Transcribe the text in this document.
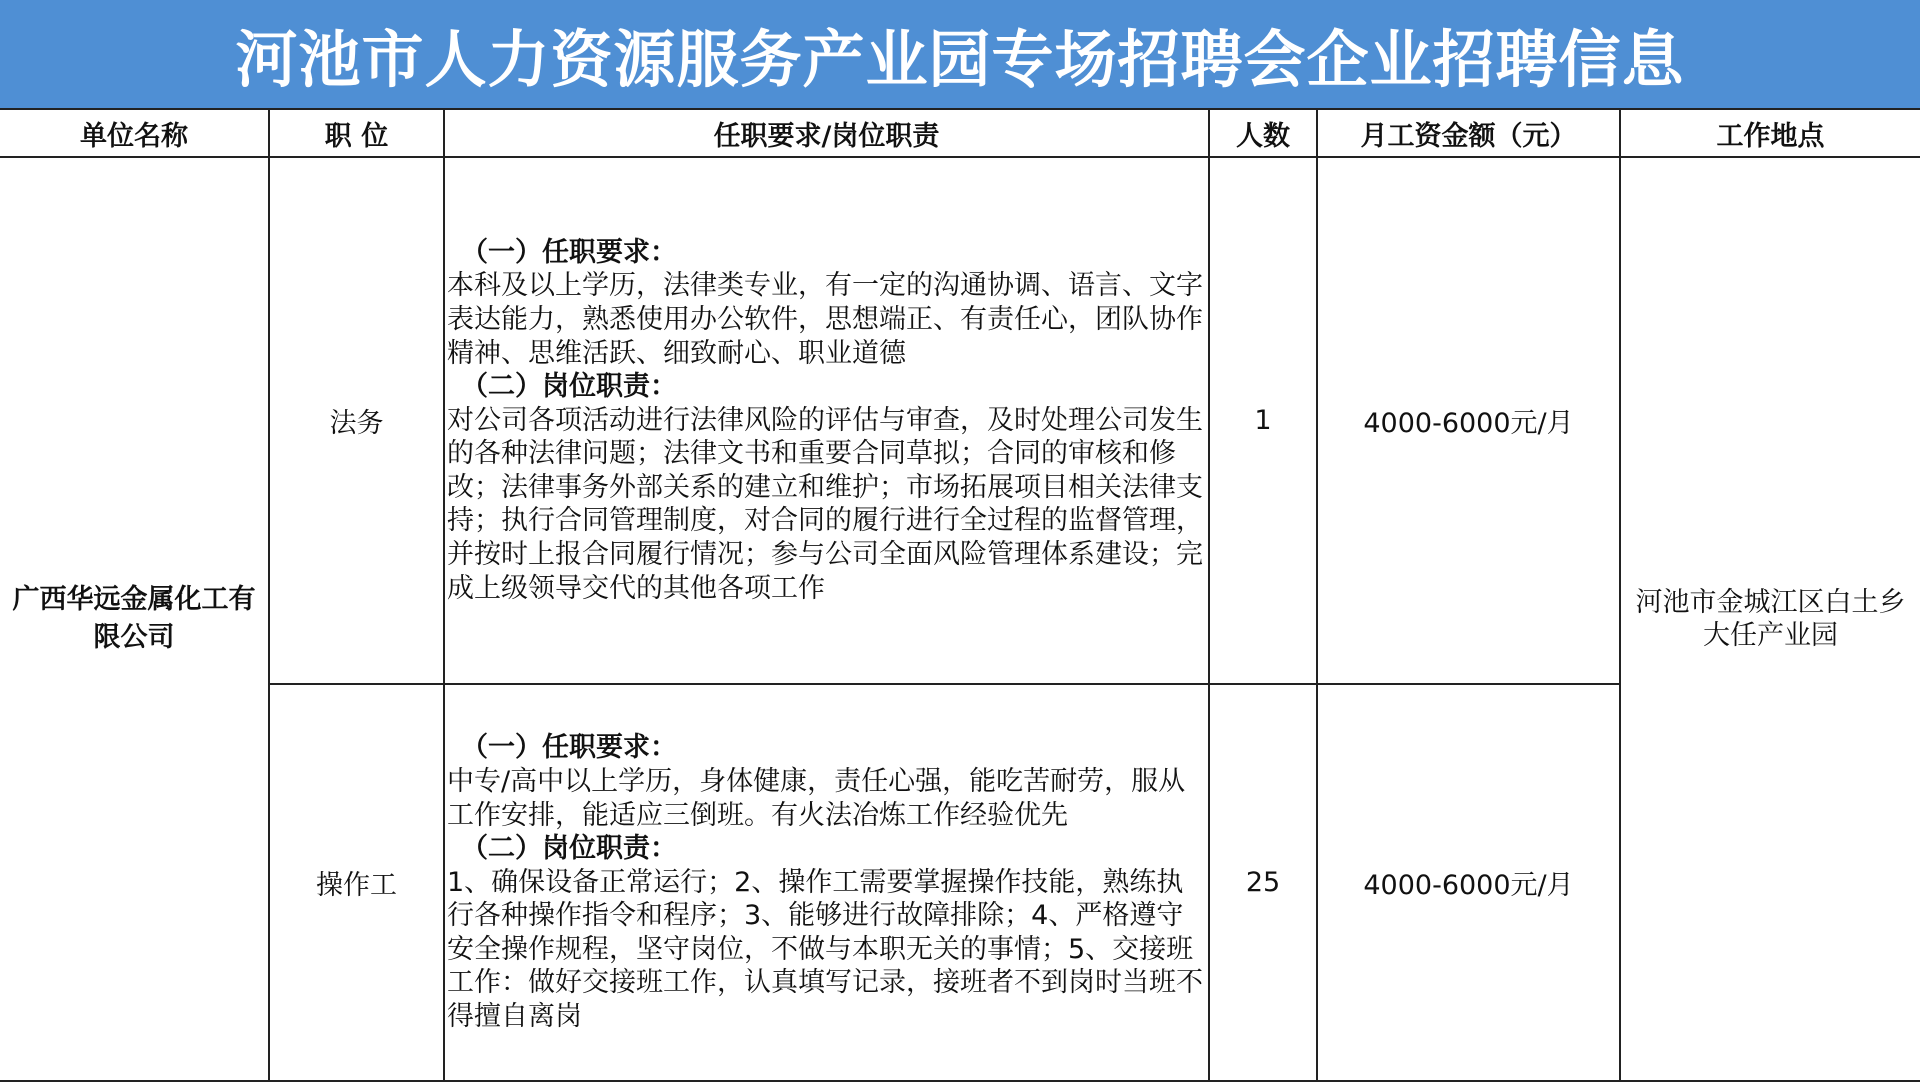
河池市人力资源服务产业园专场招聘会企业招聘信息
单位名称	职 位	任职要求/岗位职责	人数	月工资金额（元）	工作地点
广西华远金属化工有限公司	法务	（一）任职要求：
本科及以上学历，法律类专业，有一定的沟通协调、语言、文字表达能力，熟悉使用办公软件，思想端正、有责任心，团队协作精神、思维活跃、细致耐心、职业道德
（二）岗位职责：
对公司各项活动进行法律风险的评估与审查，及时处理公司发生的各种法律问题；法律文书和重要合同草拟；合同的审核和修改；法律事务外部关系的建立和维护；市场拓展项目相关法律支持；执行合同管理制度，对合同的履行进行全过程的监督管理，并按时上报合同履行情况；参与公司全面风险管理体系建设；完成上级领导交代的其他各项工作	1	4000-6000元/月	河池市金城江区白土乡大任产业园
	操作工	（一）任职要求：
中专/高中以上学历，身体健康，责任心强，能吃苦耐劳，服从工作安排，能适应三倒班。有火法冶炼工作经验优先
（二）岗位职责：
1、确保设备正常运行；2、操作工需要掌握操作技能，熟练执行各种操作指令和程序；3、能够进行故障排除；4、严格遵守安全操作规程，坚守岗位，不做与本职无关的事情；5、交接班工作：做好交接班工作，认真填写记录，接班者不到岗时当班不得擅自离岗	25	4000-6000元/月	
